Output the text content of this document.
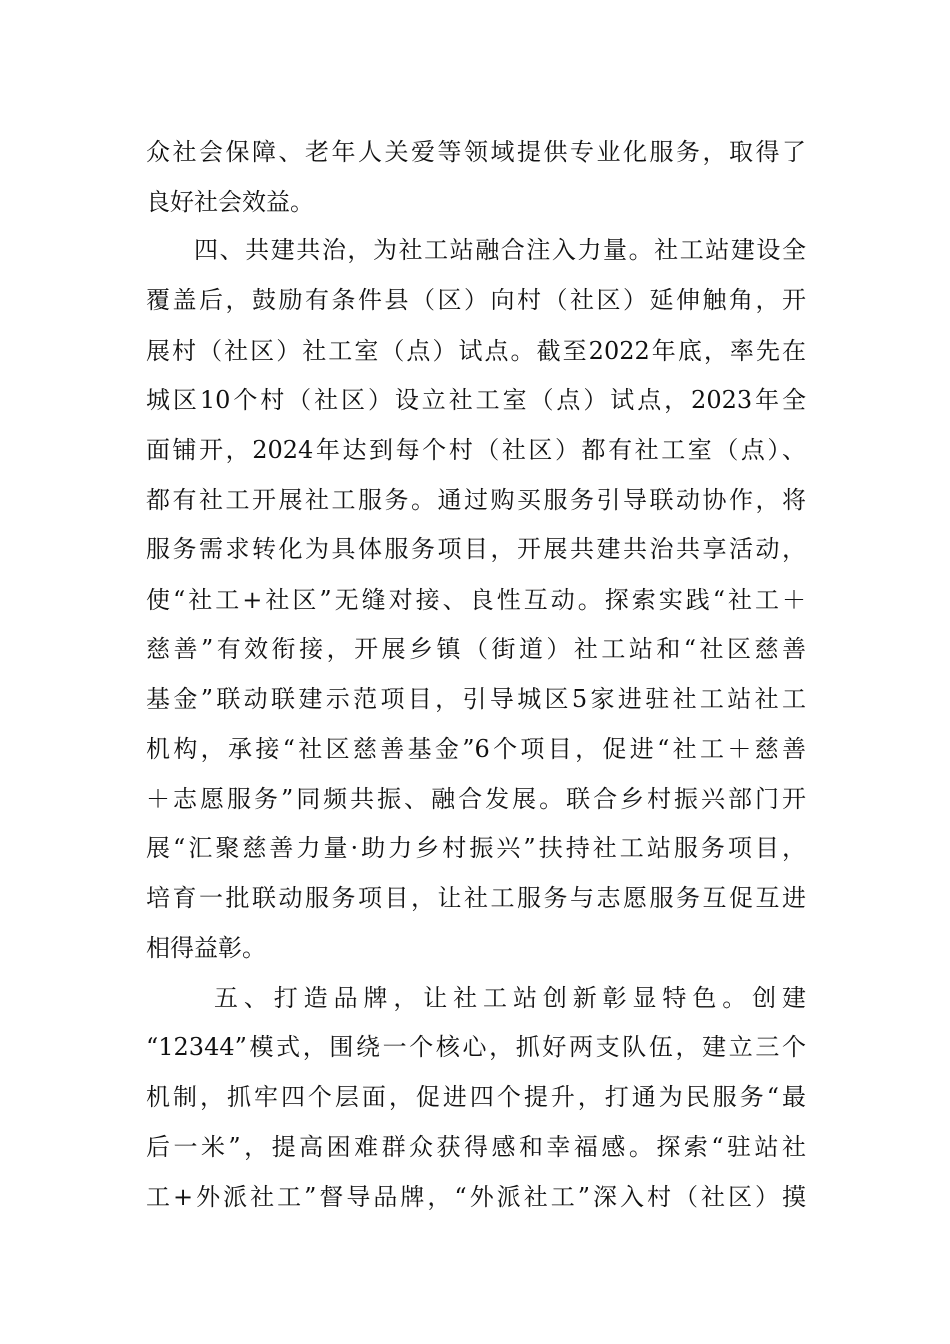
众社会保障、老年人关爱等领域提供专业化服务，取得了
良好社会效益。
四、共建共治，为社工站融合注入力量。社工站建设全
覆盖后，鼓励有条件县（区）向村（社区）延伸触角，开
展村（社区）社工室（点）试点。截至2022年底，率先在
城区10个村（社区）设立社工室（点）试点，2023年全
面铺开，2024年达到每个村（社区）都有社工室（点）、
都有社工开展社工服务。通过购买服务引导联动协作，将
服务需求转化为具体服务项目，开展共建共治共享活动，
使“社工+社区”无缝对接、良性互动。探索实践“社工＋
慈善”有效衔接，开展乡镇（街道）社工站和“社区慈善
基金”联动联建示范项目，引导城区5家进驻社工站社工
机构，承接“社区慈善基金”6个项目，促进“社工＋慈善
＋志愿服务”同频共振、融合发展。联合乡村振兴部门开
展“汇聚慈善力量·助力乡村振兴”扶持社工站服务项目，
培育一批联动服务项目，让社工服务与志愿服务互促互进
相得益彰。
五、打造品牌，让社工站创新彰显特色。创建
“12344”模式，围绕一个核心，抓好两支队伍，建立三个
机制，抓牢四个层面，促进四个提升，打通为民服务“最
后一米”，提高困难群众获得感和幸福感。探索“驻站社
工+外派社工”督导品牌，“外派社工”深入村（社区）摸
